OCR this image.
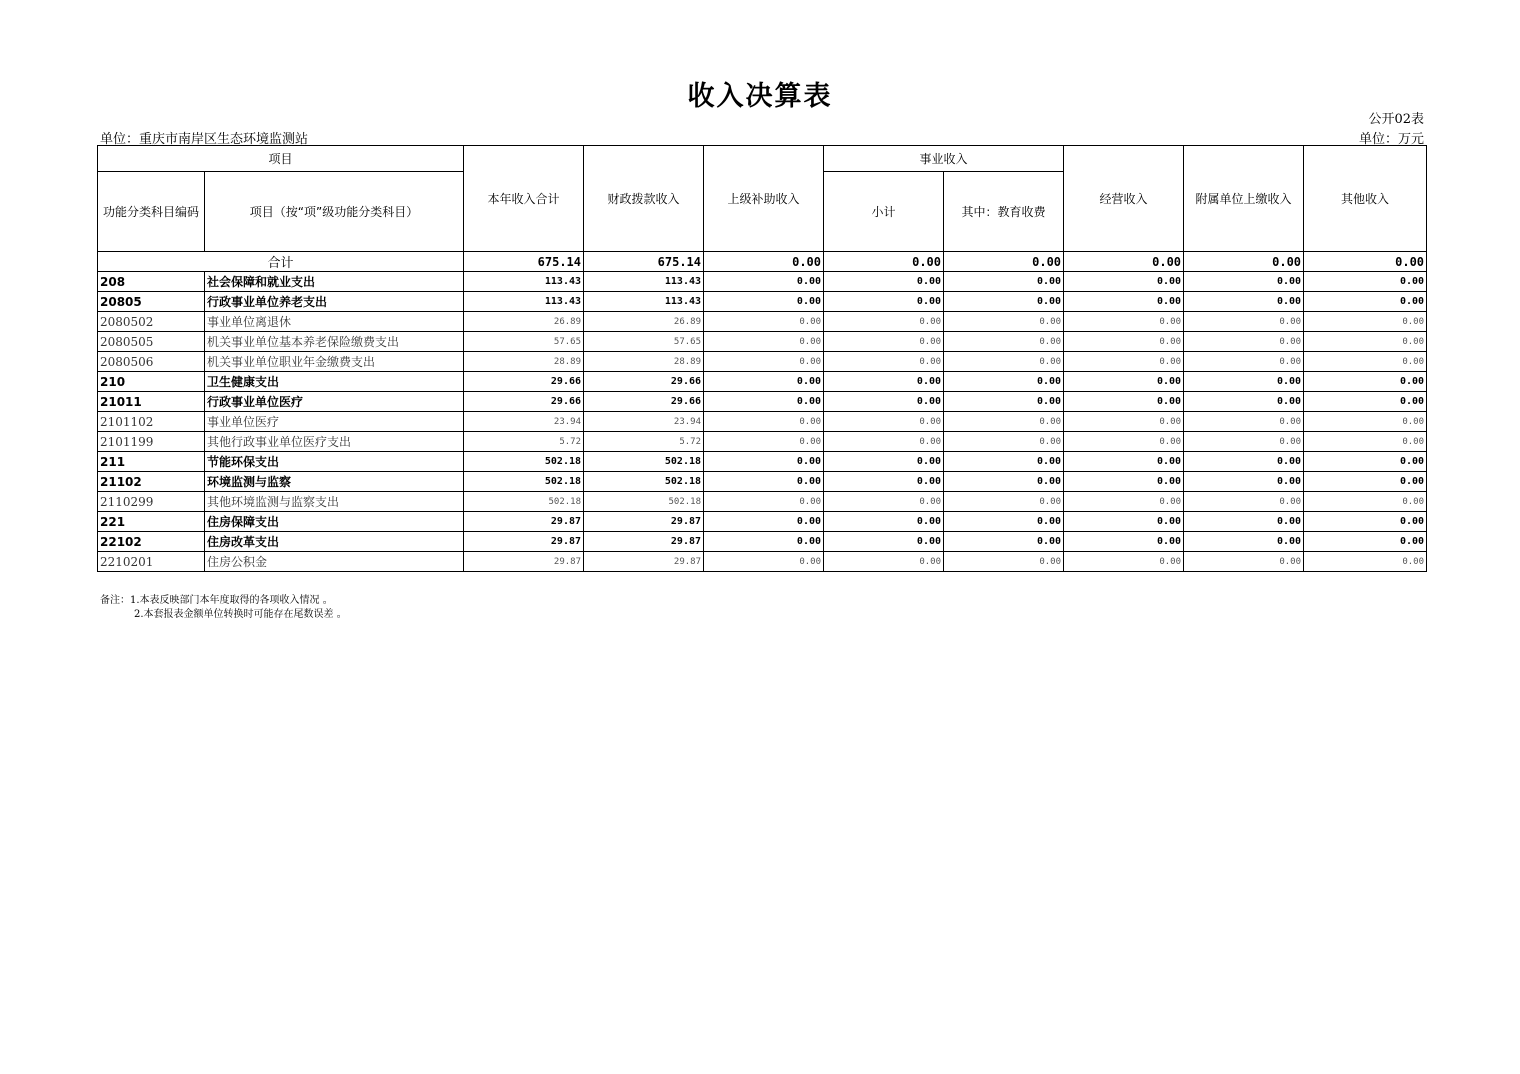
收入决算表
公开02表
单位：重庆市南岸区生态环境监测站	单位：万元
项目		本年收入合计	财政拨款收入	上级补助收入	事业收入		经营收入	附属单位上缴收入	其他收入
功能分类科目编码	项目（按“项”级功能分类科目）				小计	其中：教育收费			
合计		675.14	675.14	0.00	0.00	0.00	0.00	0.00	0.00
208	社会保障和就业支出	113.43	113.43	0.00	0.00	0.00	0.00	0.00	0.00
20805	行政事业单位养老支出	113.43	113.43	0.00	0.00	0.00	0.00	0.00	0.00
2080502	事业单位离退休	26.89	26.89	0.00	0.00	0.00	0.00	0.00	0.00
2080505	机关事业单位基本养老保险缴费支出	57.65	57.65	0.00	0.00	0.00	0.00	0.00	0.00
2080506	机关事业单位职业年金缴费支出	28.89	28.89	0.00	0.00	0.00	0.00	0.00	0.00
210	卫生健康支出	29.66	29.66	0.00	0.00	0.00	0.00	0.00	0.00
21011	行政事业单位医疗	29.66	29.66	0.00	0.00	0.00	0.00	0.00	0.00
2101102	事业单位医疗	23.94	23.94	0.00	0.00	0.00	0.00	0.00	0.00
2101199	其他行政事业单位医疗支出	5.72	5.72	0.00	0.00	0.00	0.00	0.00	0.00
211	节能环保支出	502.18	502.18	0.00	0.00	0.00	0.00	0.00	0.00
21102	环境监测与监察	502.18	502.18	0.00	0.00	0.00	0.00	0.00	0.00
2110299	其他环境监测与监察支出	502.18	502.18	0.00	0.00	0.00	0.00	0.00	0.00
221	住房保障支出	29.87	29.87	0.00	0.00	0.00	0.00	0.00	0.00
22102	住房改革支出	29.87	29.87	0.00	0.00	0.00	0.00	0.00	0.00
2210201	住房公积金	29.87	29.87	0.00	0.00	0.00	0.00	0.00	0.00
备注：1.本表反映部门本年度取得的各项收入情况 。
2.本套报表金额单位转换时可能存在尾数误差 。
